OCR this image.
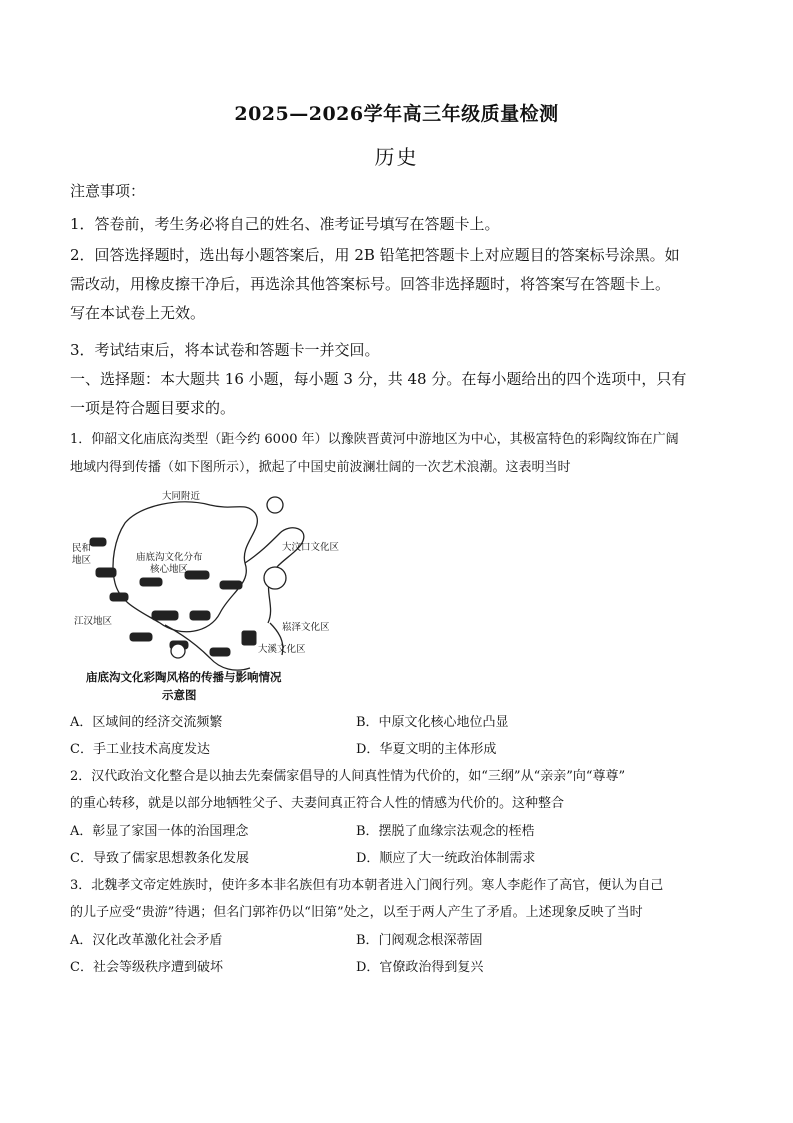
2025—2026学年高三年级质量检测
历史
注意事项：
1．答卷前，考生务必将自己的姓名、准考证号填写在答题卡上。
2．回答选择题时，选出每小题答案后，用 2B 铅笔把答题卡上对应题目的答案标号涂黑。如
需改动，用橡皮擦干净后，再选涂其他答案标号。回答非选择题时，将答案写在答题卡上。
写在本试卷上无效。
3．考试结束后，将本试卷和答题卡一并交回。
一、选择题：本大题共 16 小题，每小题 3 分，共 48 分。在每小题给出的四个选项中，只有
一项是符合题目要求的。
1．仰韶文化庙底沟类型（距今约 6000 年）以豫陕晋黄河中游地区为中心，其极富特色的彩陶纹饰在广阔
地域内得到传播（如下图所示），掀起了中国史前波澜壮阔的一次艺术浪潮。这表明当时
大同附近
民和
地区	庙底沟文化分布
核心地区
大汶口文化区
江汉地区
崧泽文化区
大溪文化区
庙底沟文化彩陶风格的传播与影响情况
示意图
A．区域间的经济交流频繁	B．中原文化核心地位凸显
C．手工业技术高度发达	D．华夏文明的主体形成
2．汉代政治文化整合是以抽去先秦儒家倡导的人间真性情为代价的，如“三纲”从“亲亲”向“尊尊”
的重心转移，就是以部分地牺牲父子、夫妻间真正符合人性的情感为代价的。这种整合
A．彰显了家国一体的治国理念	B．摆脱了血缘宗法观念的桎梏
C．导致了儒家思想教条化发展	D．顺应了大一统政治体制需求
3．北魏孝文帝定姓族时，使许多本非名族但有功本朝者进入门阀行列。寒人李彪作了高官，便认为自己
的儿子应受“贵游”待遇；但名门郭祚仍以“旧第”处之，以至于两人产生了矛盾。上述现象反映了当时
A．汉化改革激化社会矛盾	B．门阀观念根深蒂固
C．社会等级秩序遭到破坏	D．官僚政治得到复兴
